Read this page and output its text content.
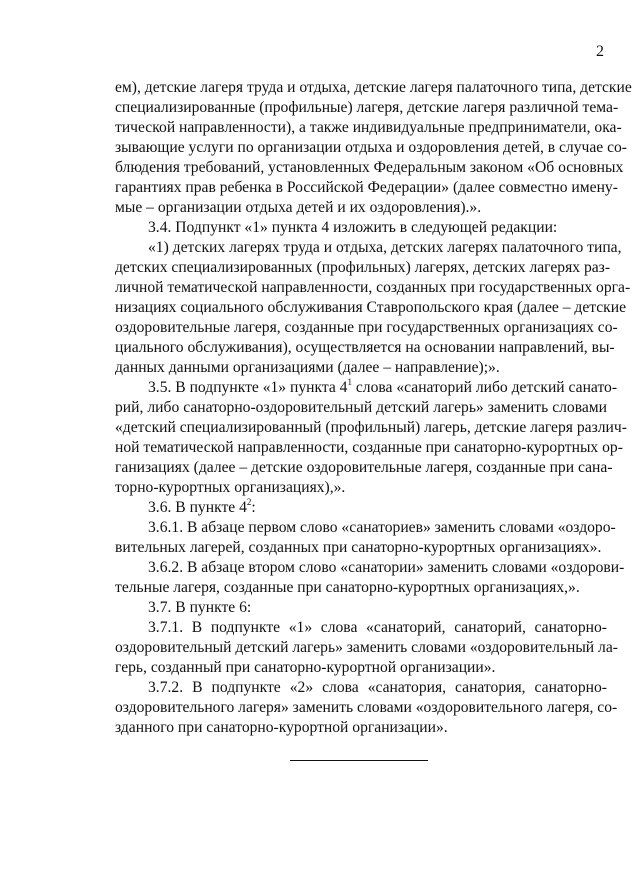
2
ем), детские лагеря труда и отдыха, детские лагеря палаточного типа, детские
специализированные (профильные) лагеря, детские лагеря различной тема-
тической направленности), а также индивидуальные предприниматели, ока-
зывающие услуги по организации отдыха и оздоровления детей, в случае со-
блюдения требований, установленных Федеральным законом «Об основных
гарантиях прав ребенка в Российской Федерации» (далее совместно имену-
мые – организации отдыха детей и их оздоровления).».
3.4. Подпункт «1» пункта 4 изложить в следующей редакции:
«1) детских лагерях труда и отдыха, детских лагерях палаточного типа,
детских специализированных (профильных) лагерях, детских лагерях раз-
личной тематической направленности, созданных при государственных орга-
низациях социального обслуживания Ставропольского края (далее – детские
оздоровительные лагеря, созданные при государственных организациях со-
циального обслуживания), осуществляется на основании направлений, вы-
данных данными организациями (далее – направление);».
3.5. В подпункте «1» пункта $4^1$ слова «санаторий либо детский санато-
рий, либо санаторно-оздоровительный детский лагерь» заменить словами
«детский специализированный (профильный) лагерь, детские лагеря различ-
ной тематической направленности, созданные при санаторно-курортных ор-
ганизациях (далее – детские оздоровительные лагеря, созданные при сана-
торно-курортных организациях),».
3.6. В пункте $4^2$:
3.6.1. В абзаце первом слово «санаториев» заменить словами «оздоро-
вительных лагерей, созданных при санаторно-курортных организациях».
3.6.2. В абзаце втором слово «санатории» заменить словами «оздорови-
тельные лагеря, созданные при санаторно-курортных организациях,».
3.7. В пункте 6:
3.7.1. В подпункте «1» слова «санаторий, санаторий, санаторно-
оздоровительный детский лагерь» заменить словами «оздоровительный ла-
герь, созданный при санаторно-курортной организации».
3.7.2. В подпункте «2» слова «санатория, санатория, санаторно-
оздоровительного лагеря» заменить словами «оздоровительного лагеря, со-
зданного при санаторно-курортной организации».
